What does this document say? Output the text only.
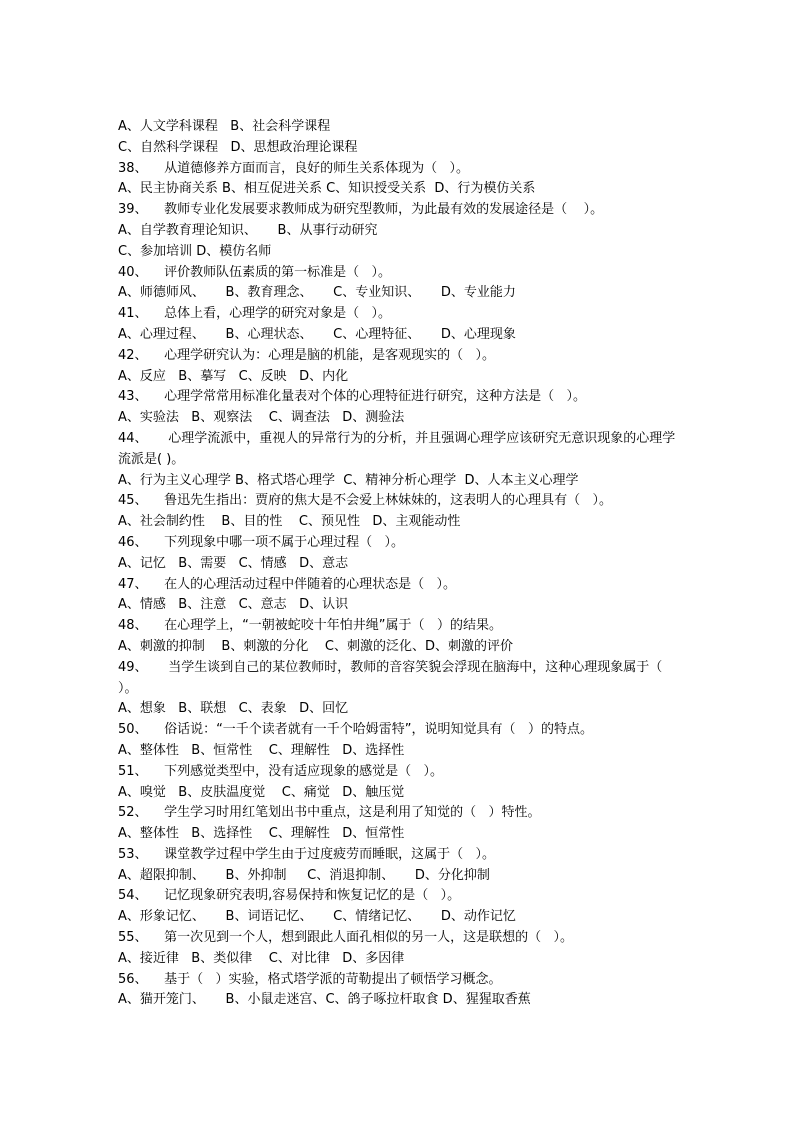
A、人文学科课程   B、社会科学课程
C、自然科学课程   D、思想政治理论课程
38、    从道德修养方面而言，良好的师生关系体现为（   ）。
A、民主协商关系 B、相互促进关系 C、知识授受关系  D、行为模仿关系
39、    教师专业化发展要求教师成为研究型教师，为此最有效的发展途径是（    ）。
A、自学教育理论知识、     B、从事行动研究
C、参加培训 D、模仿名师
40、    评价教师队伍素质的第一标准是（   ）。
A、师德师风、     B、教育理念、     C、专业知识、     D、专业能力
41、    总体上看，心理学的研究对象是（   ）。
A、心理过程、     B、心理状态、     C、心理特征、     D、心理现象
42、    心理学研究认为：心理是脑的机能，是客观现实的（   ）。
A、反应   B、摹写   C、反映   D、内化
43、    心理学常常用标准化量表对个体的心理特征进行研究，这种方法是（   ）。
A、实验法   B、观察法    C、调查法   D、测验法
44、     心理学流派中，重视人的异常行为的分析，并且强调心理学应该研究无意识现象的心理学流派是( )。
A、行为主义心理学 B、格式塔心理学  C、精神分析心理学  D、人本主义心理学
45、    鲁迅先生指出：贾府的焦大是不会爱上林妹妹的，这表明人的心理具有（   ）。
A、社会制约性    B、目的性    C、预见性   D、主观能动性
46、    下列现象中哪一项不属于心理过程（   ）。
A、记忆   B、需要   C、情感   D、意志
47、    在人的心理活动过程中伴随着的心理状态是（   ）。
A、情感   B、注意   C、意志   D、认识
48、    在心理学上，“一朝被蛇咬十年怕井绳”属于（   ）的结果。
A、刺激的抑制    B、刺激的分化    C、刺激的泛化、D、刺激的评价
49、     当学生谈到自己的某位教师时，教师的音容笑貌会浮现在脑海中，这种心理现象属于（   ）。
A、想象   B、联想   C、表象   D、回忆
50、    俗话说：“一千个读者就有一千个哈姆雷特”，说明知觉具有（   ）的特点。
A、整体性   B、恒常性    C、理解性   D、选择性
51、    下列感觉类型中，没有适应现象的感觉是（   ）。
A、嗅觉   B、皮肤温度觉    C、痛觉   D、触压觉
52、    学生学习时用红笔划出书中重点，这是利用了知觉的（   ）特性。
A、整体性   B、选择性    C、理解性   D、恒常性
53、    课堂教学过程中学生由于过度疲劳而睡眠，这属于（   ）。
A、超限抑制、     B、外抑制     C、消退抑制、     D、分化抑制
54、    记忆现象研究表明,容易保持和恢复记忆的是（   ）。
A、形象记忆、     B、词语记忆、     C、情绪记忆、     D、动作记忆
55、    第一次见到一个人，想到跟此人面孔相似的另一人，这是联想的（   ）。
A、接近律   B、类似律    C、对比律   D、多因律
56、    基于（   ）实验，格式塔学派的苛勒提出了顿悟学习概念。
A、猫开笼门、     B、小鼠走迷宫、C、鸽子啄拉杆取食 D、猩猩取香蕉
